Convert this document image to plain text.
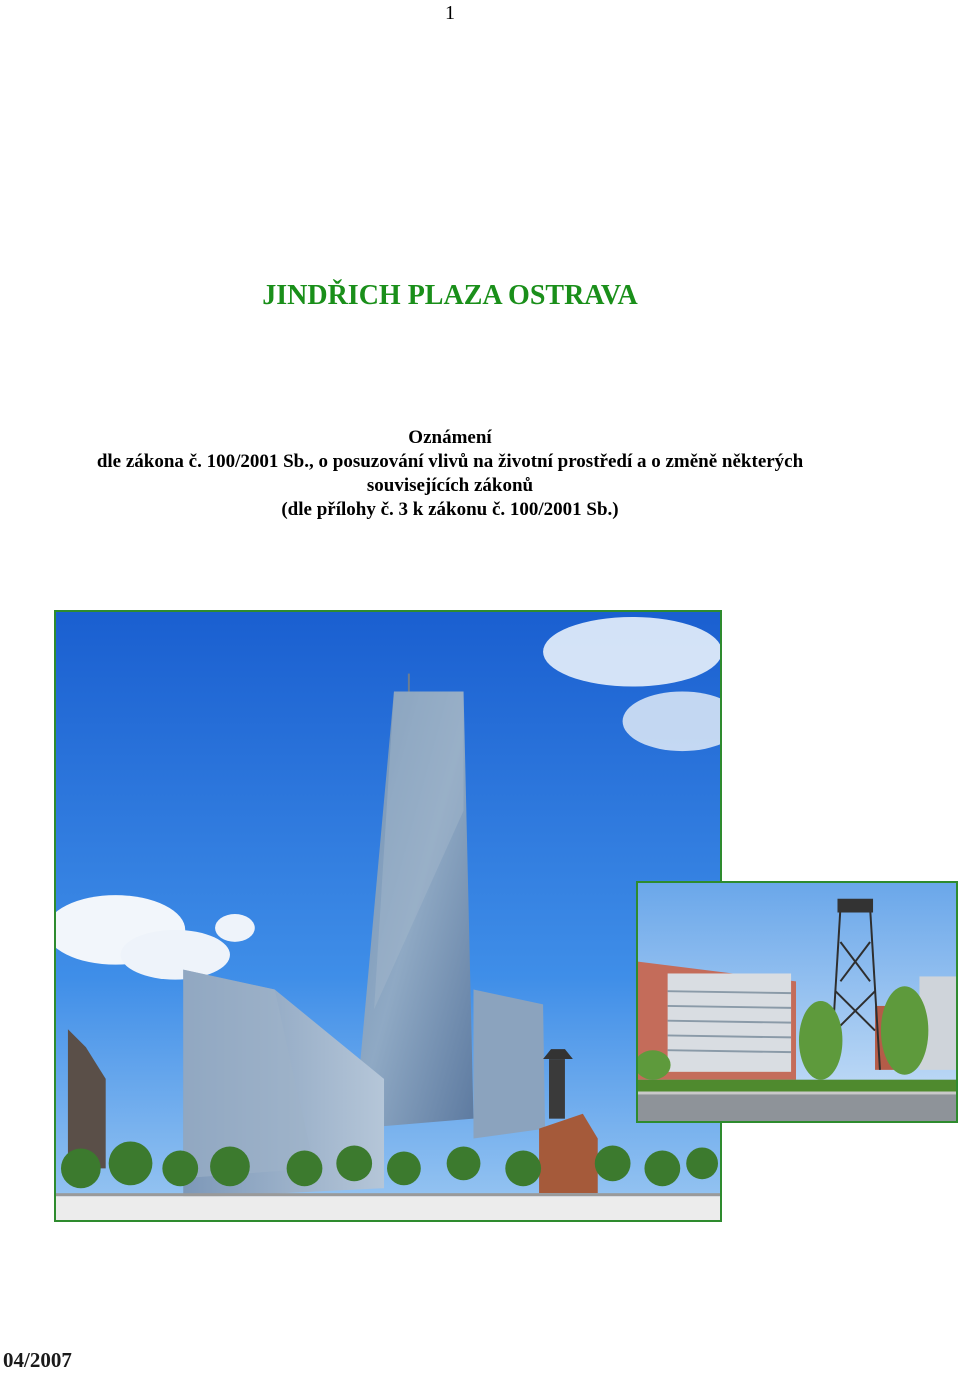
1
JINDŘICH PLAZA OSTRAVA
Oznámení
dle zákona č. 100/2001 Sb., o posuzování vlivů na životní prostředí a o změně některých
souvisejících zákonů
(dle přílohy č. 3 k zákonu č. 100/2001 Sb.)
04/2007
